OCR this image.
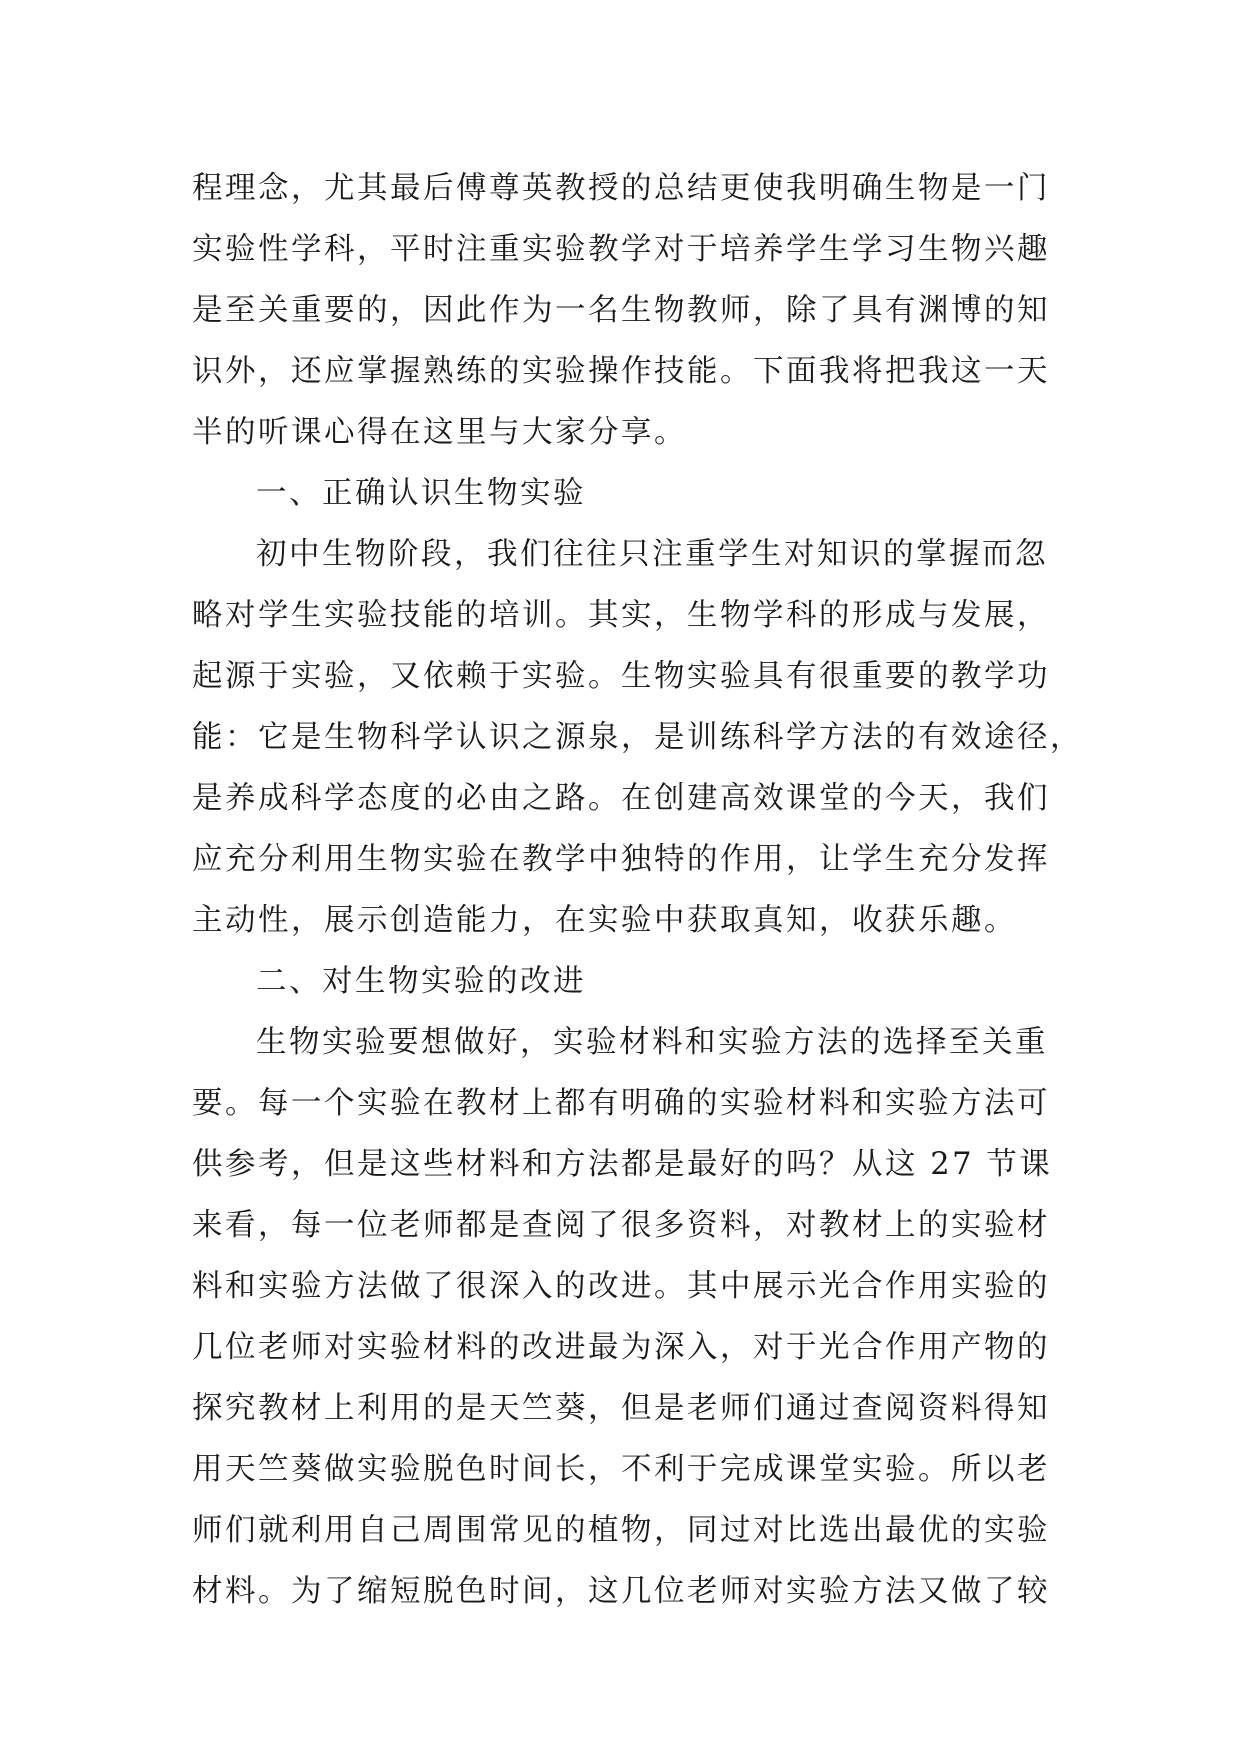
程理念，尤其最后傅尊英教授的总结更使我明确生物是一门
实验性学科，平时注重实验教学对于培养学生学习生物兴趣
是至关重要的，因此作为一名生物教师，除了具有渊博的知
识外，还应掌握熟练的实验操作技能。下面我将把我这一天
半的听课心得在这里与大家分享。
一、正确认识生物实验
初中生物阶段，我们往往只注重学生对知识的掌握而忽
略对学生实验技能的培训。其实，生物学科的形成与发展，
起源于实验，又依赖于实验。生物实验具有很重要的教学功
能：它是生物科学认识之源泉，是训练科学方法的有效途径，
是养成科学态度的必由之路。在创建高效课堂的今天，我们
应充分利用生物实验在教学中独特的作用，让学生充分发挥
主动性，展示创造能力，在实验中获取真知，收获乐趣。
二、对生物实验的改进
生物实验要想做好，实验材料和实验方法的选择至关重
要。每一个实验在教材上都有明确的实验材料和实验方法可
供参考，但是这些材料和方法都是最好的吗？从这 27 节课
来看，每一位老师都是查阅了很多资料，对教材上的实验材
料和实验方法做了很深入的改进。其中展示光合作用实验的
几位老师对实验材料的改进最为深入，对于光合作用产物的
探究教材上利用的是天竺葵，但是老师们通过查阅资料得知
用天竺葵做实验脱色时间长，不利于完成课堂实验。所以老
师们就利用自己周围常见的植物，同过对比选出最优的实验
材料。为了缩短脱色时间，这几位老师对实验方法又做了较
